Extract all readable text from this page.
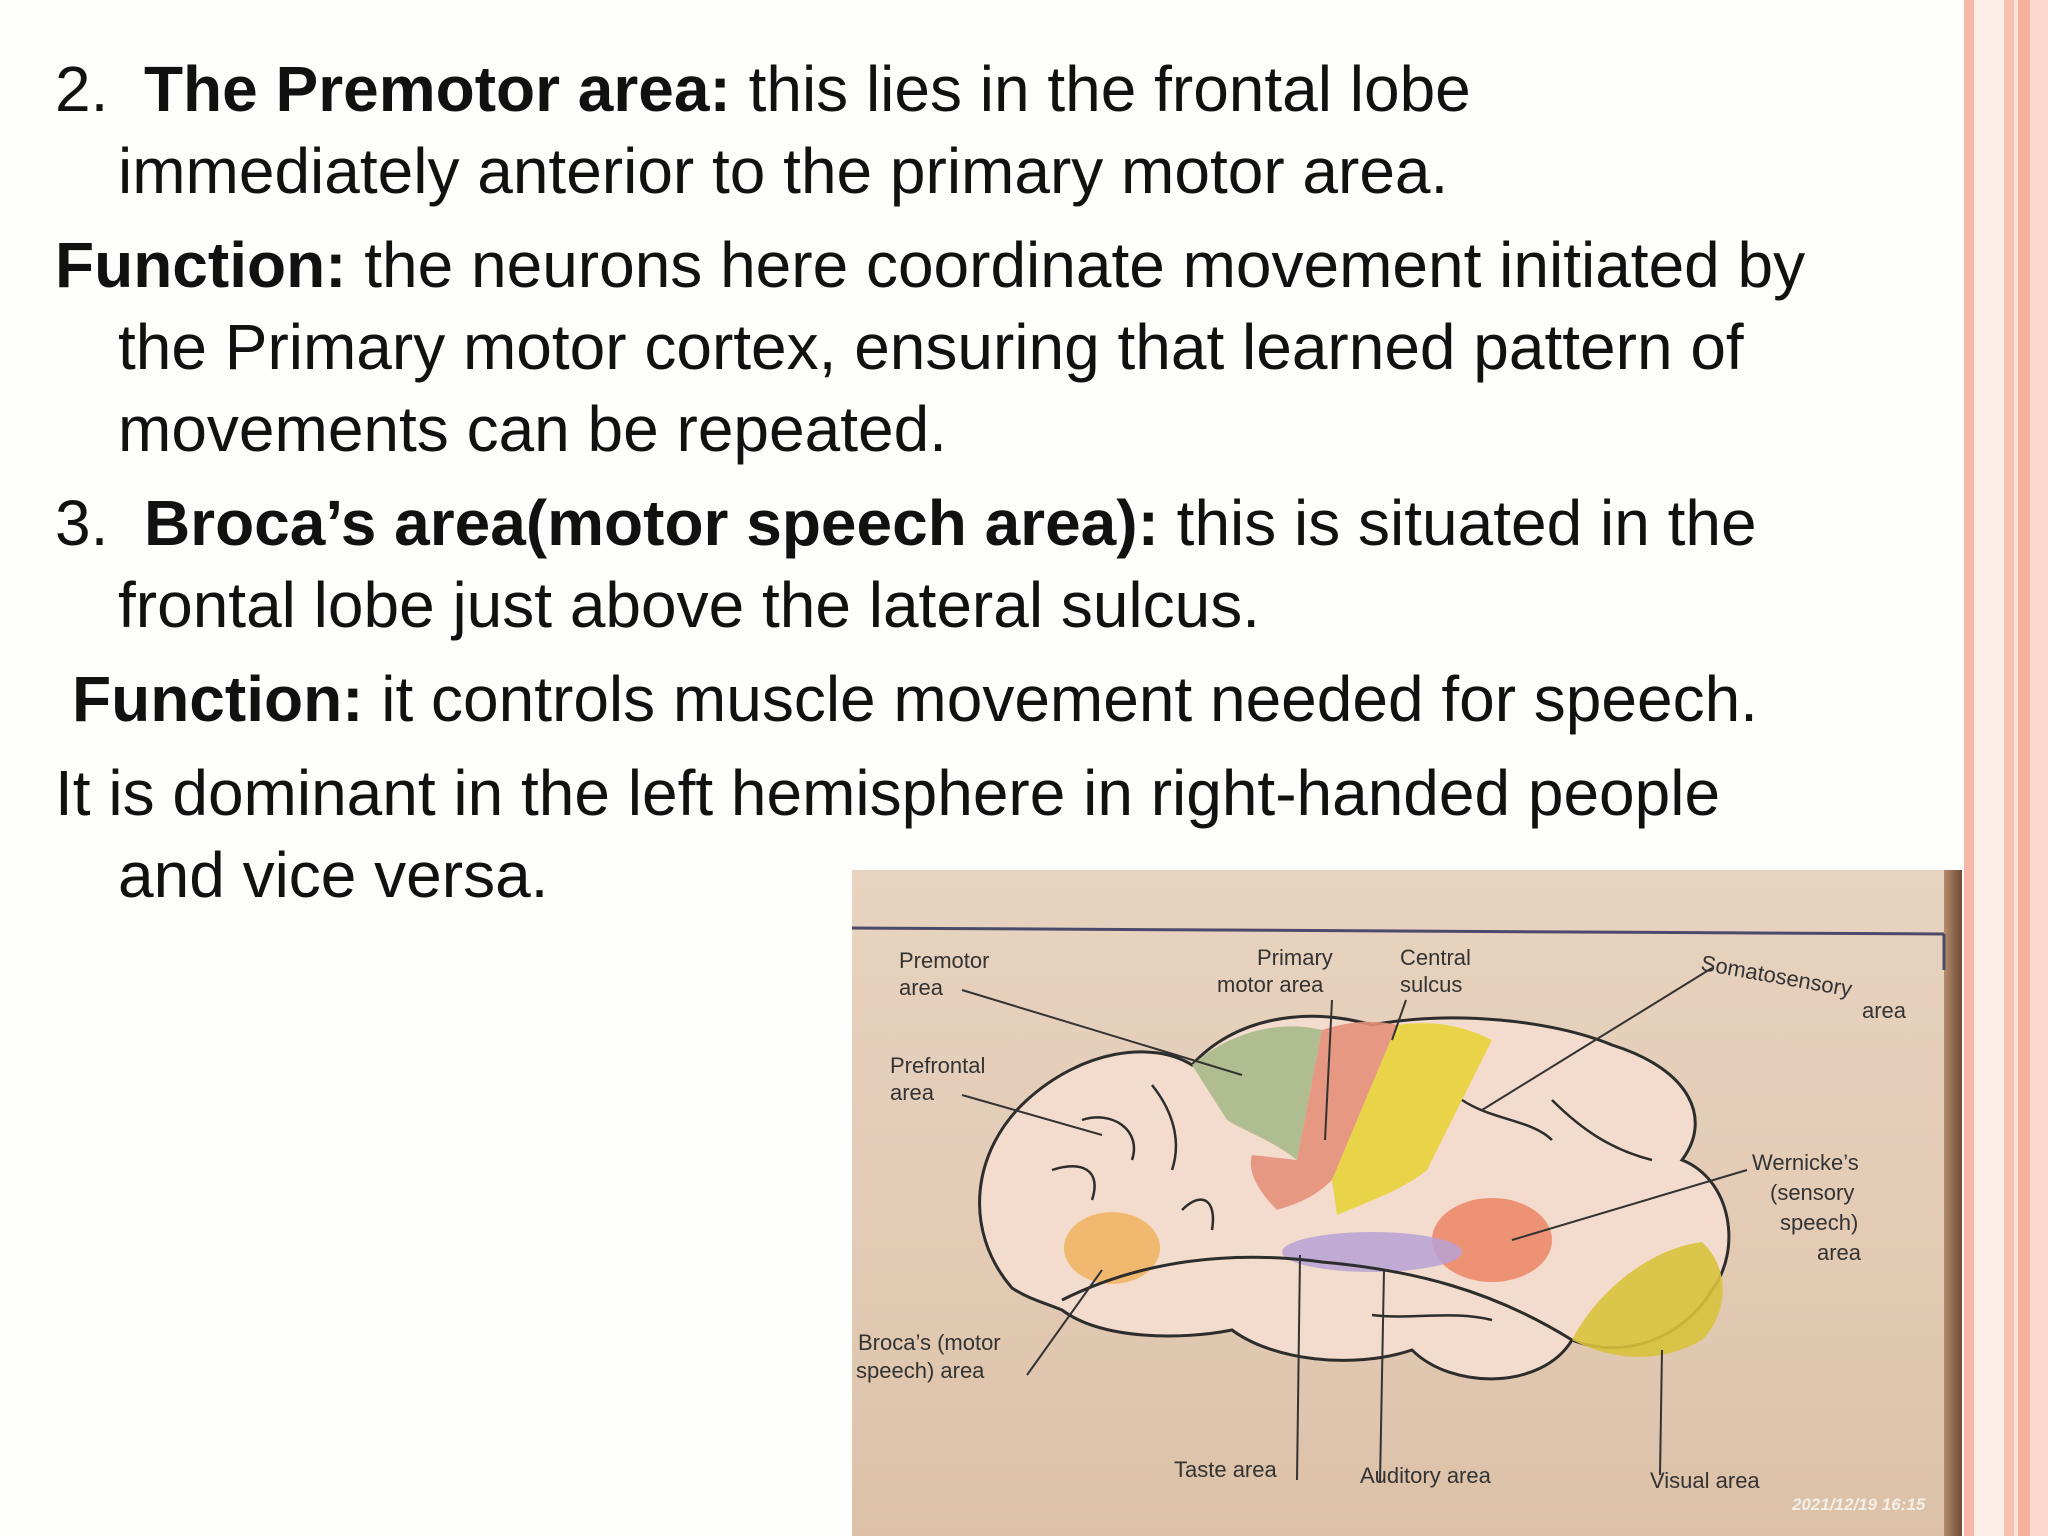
2. The Premotor area: this lies in the frontal lobe
immediately anterior to the primary motor area.

Function: the neurons here coordinate movement initiated by
the Primary motor cortex, ensuring that learned pattern of
movements can be repeated.

3. Broca’s area(motor speech area): this is situated in the
frontal lobe just above the lateral sulcus.

Function: it controls muscle movement needed for speech.

It is dominant in the left hemisphere in right-handed people
and vice versa.

Premotor
area
Primary
motor area
Central
sulcus	Somatosensory
area
Prefrontal
area
Wernicke’s
(sensory
speech)
area
Broca’s (motor
speech) area
Taste area	Auditory area	Visual area
2021/12/19 16:15
